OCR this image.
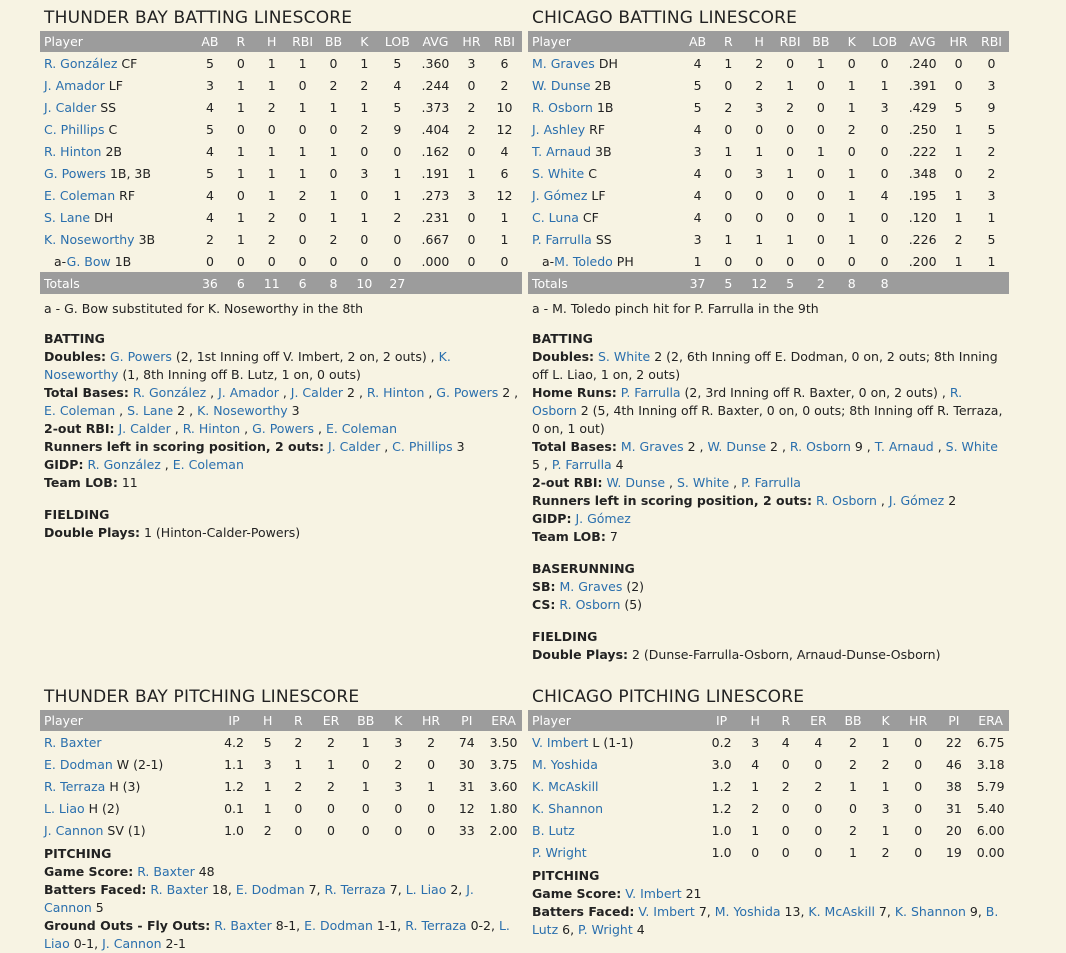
THUNDER BAY BATTING LINESCORE
Player	AB	R	H	RBI	BB	K	LOB	AVG	HR	RBI
R. González CF	5	0	1	1	0	1	5	.360	3	6
J. Amador LF	3	1	1	0	2	2	4	.244	0	2
J. Calder SS	4	1	2	1	1	1	5	.373	2	10
C. Phillips C	5	0	0	0	0	2	9	.404	2	12
R. Hinton 2B	4	1	1	1	1	0	0	.162	0	4
G. Powers 1B, 3B	5	1	1	1	0	3	1	.191	1	6
E. Coleman RF	4	0	1	2	1	0	1	.273	3	12
S. Lane DH	4	1	2	0	1	1	2	.231	0	1
K. Noseworthy 3B	2	1	2	0	2	0	0	.667	0	1
a-G. Bow 1B	0	0	0	0	0	0	0	.000	0	0
Totals	36	6	11	6	8	10	27			
a - G. Bow substituted for K. Noseworthy in the 8th
BATTING

Doubles: G. Powers (2, 1st Inning off V. Imbert, 2 on, 2 outs) , K. Noseworthy (1, 8th Inning off B. Lutz, 1 on, 0 outs)

Total Bases: R. González , J. Amador , J. Calder 2 , R. Hinton , G. Powers 2 , E. Coleman , S. Lane 2 , K. Noseworthy 3

2-out RBI: J. Calder , R. Hinton , G. Powers , E. Coleman

Runners left in scoring position, 2 outs: J. Calder , C. Phillips 3

GIDP: R. González , E. Coleman

Team LOB: 11

FIELDING

Double Plays: 1 (Hinton-Calder-Powers)

CHICAGO BATTING LINESCORE
Player	AB	R	H	RBI	BB	K	LOB	AVG	HR	RBI
M. Graves DH	4	1	2	0	1	0	0	.240	0	0
W. Dunse 2B	5	0	2	1	0	1	1	.391	0	3
R. Osborn 1B	5	2	3	2	0	1	3	.429	5	9
J. Ashley RF	4	0	0	0	0	2	0	.250	1	5
T. Arnaud 3B	3	1	1	0	1	0	0	.222	1	2
S. White C	4	0	3	1	0	1	0	.348	0	2
J. Gómez LF	4	0	0	0	0	1	4	.195	1	3
C. Luna CF	4	0	0	0	0	1	0	.120	1	1
P. Farrulla SS	3	1	1	1	0	1	0	.226	2	5
a-M. Toledo PH	1	0	0	0	0	0	0	.200	1	1
Totals	37	5	12	5	2	8	8			
a - M. Toledo pinch hit for P. Farrulla in the 9th
BATTING

Doubles: S. White 2 (2, 6th Inning off E. Dodman, 0 on, 2 outs; 8th Inning off L. Liao, 1 on, 2 outs)

Home Runs: P. Farrulla (2, 3rd Inning off R. Baxter, 0 on, 2 outs) , R. Osborn 2 (5, 4th Inning off R. Baxter, 0 on, 0 outs; 8th Inning off R. Terraza, 0 on, 1 out)

Total Bases: M. Graves 2 , W. Dunse 2 , R. Osborn 9 , T. Arnaud , S. White 5 , P. Farrulla 4

2-out RBI: W. Dunse , S. White , P. Farrulla

Runners left in scoring position, 2 outs: R. Osborn , J. Gómez 2

GIDP: J. Gómez

Team LOB: 7

BASERUNNING

SB: M. Graves (2)

CS: R. Osborn (5)

FIELDING

Double Plays: 2 (Dunse-Farrulla-Osborn, Arnaud-Dunse-Osborn)

THUNDER BAY PITCHING LINESCORE
Player	IP	H	R	ER	BB	K	HR	PI	ERA
R. Baxter	4.2	5	2	2	1	3	2	74	3.50
E. Dodman W (2-1)	1.1	3	1	1	0	2	0	30	3.75
R. Terraza H (3)	1.2	1	2	2	1	3	1	31	3.60
L. Liao H (2)	0.1	1	0	0	0	0	0	12	1.80
J. Cannon SV (1)	1.0	2	0	0	0	0	0	33	2.00
PITCHING

Game Score: R. Baxter 48

Batters Faced: R. Baxter 18, E. Dodman 7, R. Terraza 7, L. Liao 2, J. Cannon 5

Ground Outs - Fly Outs: R. Baxter 8-1, E. Dodman 1-1, R. Terraza 0-2, L. Liao 0-1, J. Cannon 2-1

CHICAGO PITCHING LINESCORE
Player	IP	H	R	ER	BB	K	HR	PI	ERA
V. Imbert L (1-1)	0.2	3	4	4	2	1	0	22	6.75
M. Yoshida	3.0	4	0	0	2	2	0	46	3.18
K. McAskill	1.2	1	2	2	1	1	0	38	5.79
K. Shannon	1.2	2	0	0	0	3	0	31	5.40
B. Lutz	1.0	1	0	0	2	1	0	20	6.00
P. Wright	1.0	0	0	0	1	2	0	19	0.00
PITCHING

Game Score: V. Imbert 21

Batters Faced: V. Imbert 7, M. Yoshida 13, K. McAskill 7, K. Shannon 9, B. Lutz 6, P. Wright 4
